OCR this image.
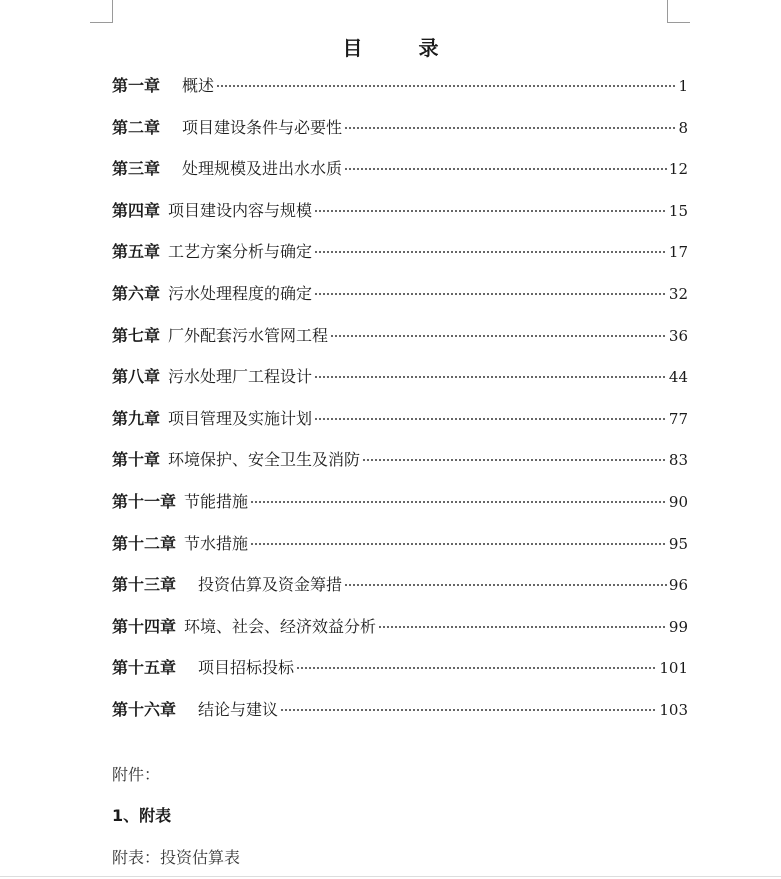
目	录
第一章 概述	1
第二章 项目建设条件与必要性	8
第三章 处理规模及进出水水质	12
第四章 项目建设内容与规模	15
第五章 工艺方案分析与确定	17
第六章 污水处理程度的确定	32
第七章 厂外配套污水管网工程	36
第八章 污水处理厂工程设计	44
第九章 项目管理及实施计划	77
第十章 环境保护、安全卫生及消防	83
第十一章 节能措施	90
第十二章 节水措施	95
第十三章 投资估算及资金筹措	96
第十四章 环境、社会、经济效益分析	99
第十五章 项目招标投标	101
第十六章 结论与建议	103
附件：
1、附表
附表：投资估算表
